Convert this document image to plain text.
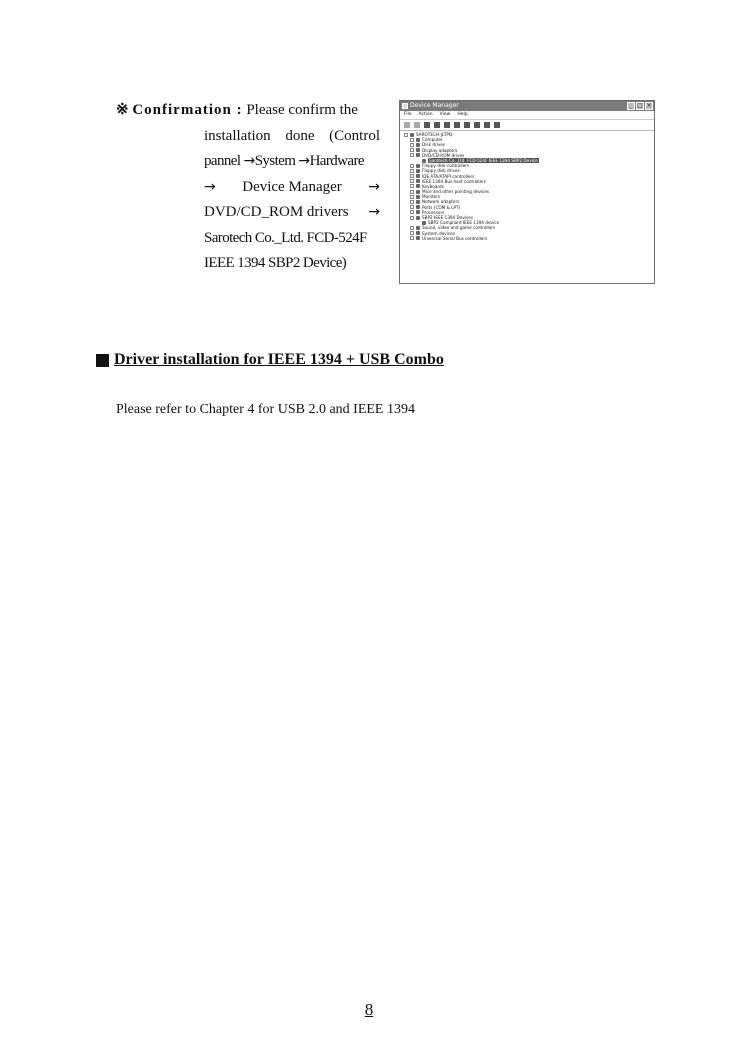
※ Confirmation : Please confirm the
installation done (Control
pannel →System →Hardware
→ Device Manager →
DVD/CD_ROM drivers →
Sarotech Co._Ltd. FCD-524F
IEEE 1394 SBP2 Device)
Device Manager	_ □ ×
File Action View Help
SAROTECH-JLTPQ
Computer
Disk drives
Display adapters
DVD/CD-ROM drives
Sarotech Co._Ltd. FCD-524F IEEE 1394 SBP2 Device
Floppy disk controllers
Floppy disk drives
IDE ATA/ATAPI controllers
IEEE 1394 Bus host controllers
Keyboards
Mice and other pointing devices
Monitors
Network adapters
Ports (COM & LPT)
Processors
SBP2 IEEE 1394 Devices
SBP2 Compliant IEEE 1394 device
Sound, video and game controllers
System devices
Universal Serial Bus controllers
Driver installation for IEEE 1394 + USB Combo
Please refer to Chapter 4 for USB 2.0 and IEEE 1394
8
